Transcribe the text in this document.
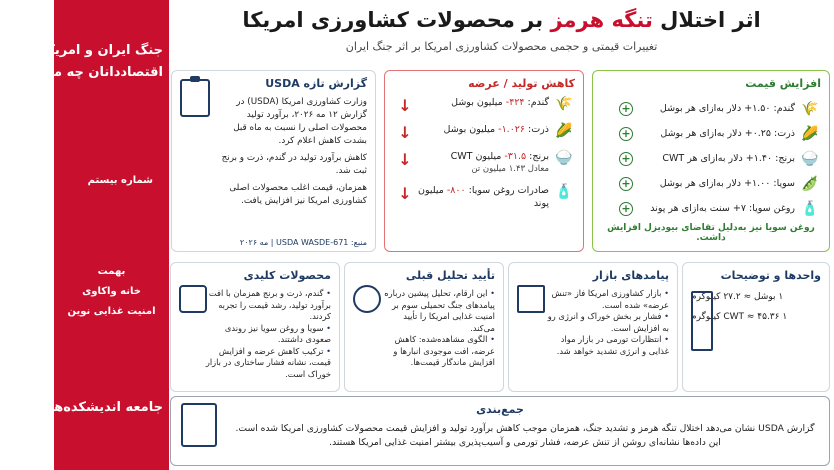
جنگ ایران و امریکا؛
اقتصاددانان چه می‌گویند؟
شماره بیستم
بهمت
خانه واکاوی
امنیت غذایی نوین
جامعه اندیشکده‌ها
اثر اختلال تنگه هرمز بر محصولات کشاورزی امریکا
تغییرات قیمتی و حجمی محصولات کشاورزی امریکا بر اثر جنگ ایران
افزایش قیمت
🌾
گندم: ۱.۵۰+ دلار به‌ازای هر بوشل
+
🌽
ذرت: ۰.۲۵+ دلار به‌ازای هر بوشل
+
🍚
برنج: ۱.۴۰+ دلار به‌ازای هر CWT
+
🫛
سویا: ۱.۰۰+ دلار به‌ازای هر بوشل
+
🧴
روغن سویا: ۷+ سنت به‌ازای هر پوند
+
روغن سویا نیز به‌دلیل تقاضای بیودیزل افزایش داشت.
کاهش تولید / عرضه
🌾
گندم: ۴۲۴- میلیون بوشل
↓
🌽
ذرت: ۱.۰۲۶- میلیون بوشل
↓
🍚
برنج: ۳۱.۵- میلیون CWT
معادل ۱.۴۳ میلیون تن
↓
🧴
صادرات روغن سویا: ۸۰۰- میلیون پوند
↓
گزارش تازه USDA

وزارت کشاورزی امریکا (USDA) در گزارش ۱۲ مه ۲۰۲۶، برآورد تولید محصولات اصلی را نسبت به ماه قبل بشدت کاهش اعلام کرد.

کاهش برآورد تولید در گندم، ذرت و برنج ثبت شد.

همزمان، قیمت اغلب محصولات اصلی کشاورزی امریکا نیز افزایش یافت.

منبع: USDA WASDE-671 | مه ۲۰۲۶
واحدها و توضیحات
۱ بوشل ≈ ۲۷.۲ کیلوگرم
۱ CWT ≈ ۴۵.۳۶ کیلوگرم
پیامدهای بازار
• بازار کشاورزی امریکا فاز «تنش عرضه» شده است.
• فشار بر بخش خوراک و انرژی رو به افزایش است.
• انتظارات تورمی در بازار مواد غذایی و انرژی تشدید خواهد شد.
تأیید تحلیل قبلی
• این ارقام، تحلیل پیشین درباره پیامدهای جنگ تحمیلی سوم بر امنیت غذایی امریکا را تأیید می‌کند.
• الگوی مشاهده‌شده: کاهش عرضه، افت موجودی انبارها و افزایش ماندگار قیمت‌ها.
محصولات کلیدی
• گندم، ذرت و برنج همزمان با افت برآورد تولید، رشد قیمت را تجربه کردند.
• سویا و روغن سویا نیز روندی صعودی داشتند.
• ترکیب کاهش عرضه و افزایش قیمت، نشانه فشار ساختاری در بازار خوراک است.
جمع‌بندی

گزارش USDA نشان می‌دهد اختلال تنگه هرمز و تشدید جنگ، همزمان موجب کاهش برآورد تولید و افزایش قیمت محصولات کشاورزی امریکا شده است. این داده‌ها نشانه‌ای روشن از تنش عرضه، فشار تورمی و آسیب‌پذیری بیشتر امنیت غذایی امریکا هستند.
